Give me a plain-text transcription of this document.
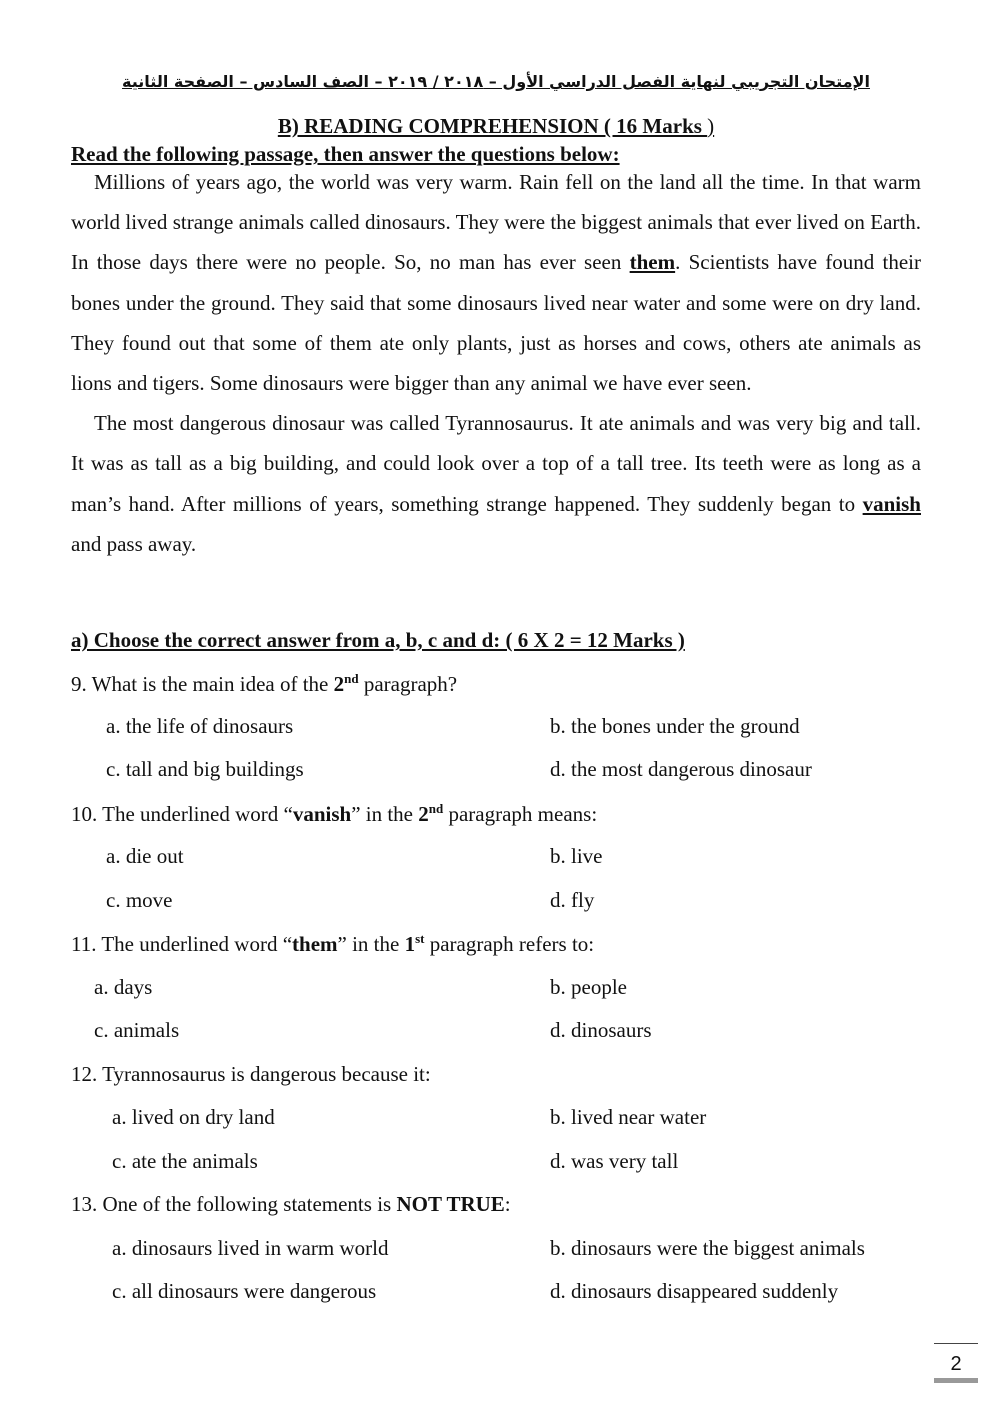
الإمتحان التجريبي لنهاية الفصل الدراسي الأول – ٢٠١٨ / ٢٠١٩ – الصف السادس – الصفحة الثانية
B) READING COMPREHENSION ( 16 Marks )
Read the following passage, then answer the questions below:

Millions of years ago, the world was very warm. Rain fell on the land all the time. In that warm world lived strange animals called dinosaurs. They were the biggest animals that ever lived on Earth. In those days there were no people. So, no man has ever seen them. Scientists have found their bones under the ground. They said that some dinosaurs lived near water and some were on dry land. They found out that some of them ate only plants, just as horses and cows, others ate animals as lions and tigers. Some dinosaurs were bigger than any animal we have ever seen.

The most dangerous dinosaur was called Tyrannosaurus. It ate animals and was very big and tall. It was as tall as a big building, and could look over a top of a tall tree. Its teeth were as long as a man’s hand. After millions of years, something strange happened. They suddenly began to vanish and pass away.

a) Choose the correct answer from a, b, c and d: ( 6 X 2 = 12 Marks )
9. What is the main idea of the 2nd paragraph?
a. the life of dinosaurs	b. the bones under the ground
c. tall and big buildings	d. the most dangerous dinosaur
10. The underlined word “vanish” in the 2nd paragraph means:
a. die out	b. live
c. move	d. fly
11. The underlined word “them” in the 1st paragraph refers to:
a. days	b. people
c. animals	d. dinosaurs
12. Tyrannosaurus is dangerous because it:
a. lived on dry land	b. lived near water
c. ate the animals	d. was very tall
13. One of the following statements is NOT TRUE:
a. dinosaurs lived in warm world	b. dinosaurs were the biggest animals
c. all dinosaurs were dangerous	d. dinosaurs disappeared suddenly
2
